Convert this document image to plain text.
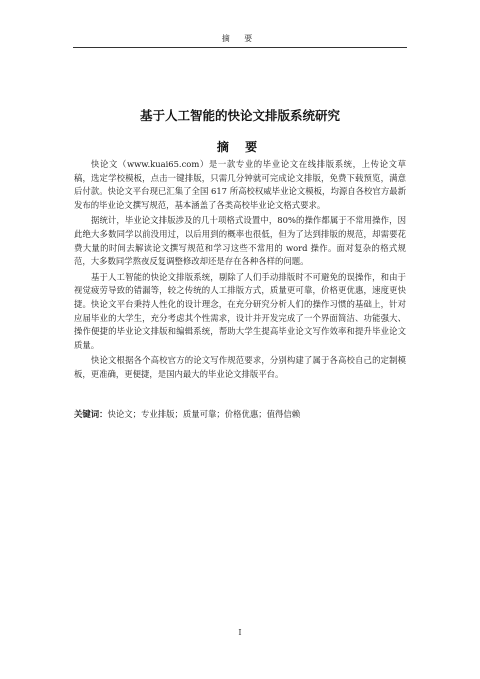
摘 要
基于人工智能的快论文排版系统研究
摘 要

快论文（www.kuai65.com）是一款专业的毕业论文在线排版系统，上传论文草稿，选定学校模板，点击一键排版，只需几分钟就可完成论文排版，免费下载预览，满意后付款。快论文平台现已汇集了全国 617 所高校权威毕业论文模板，均源自各校官方最新发布的毕业论文撰写规范，基本涵盖了各类高校毕业论文格式要求。

据统计，毕业论文排版涉及的几十项格式设置中，80%的操作都属于不常用操作，因此绝大多数同学以前没用过，以后用到的概率也很低，但为了达到排版的规范，却需要花费大量的时间去解读论文撰写规范和学习这些不常用的 word 操作。面对复杂的格式规范，大多数同学熬夜反复调整修改却还是存在各种各样的问题。

基于人工智能的快论文排版系统，剔除了人们手动排版时不可避免的误操作，和由于视觉疲劳导致的错漏等，较之传统的人工排版方式，质量更可靠，价格更优惠，速度更快捷。快论文平台秉持人性化的设计理念，在充分研究分析人们的操作习惯的基础上，针对应届毕业的大学生，充分考虑其个性需求，设计并开发完成了一个界面简洁、功能强大、操作便捷的毕业论文排版和编辑系统，帮助大学生提高毕业论文写作效率和提升毕业论文质量。

快论文根据各个高校官方的论文写作规范要求，分别构建了属于各高校自己的定制模板，更准确，更便捷，是国内最大的毕业论文排版平台。

关键词：快论文；专业排版；质量可靠；价格优惠；值得信赖
I
